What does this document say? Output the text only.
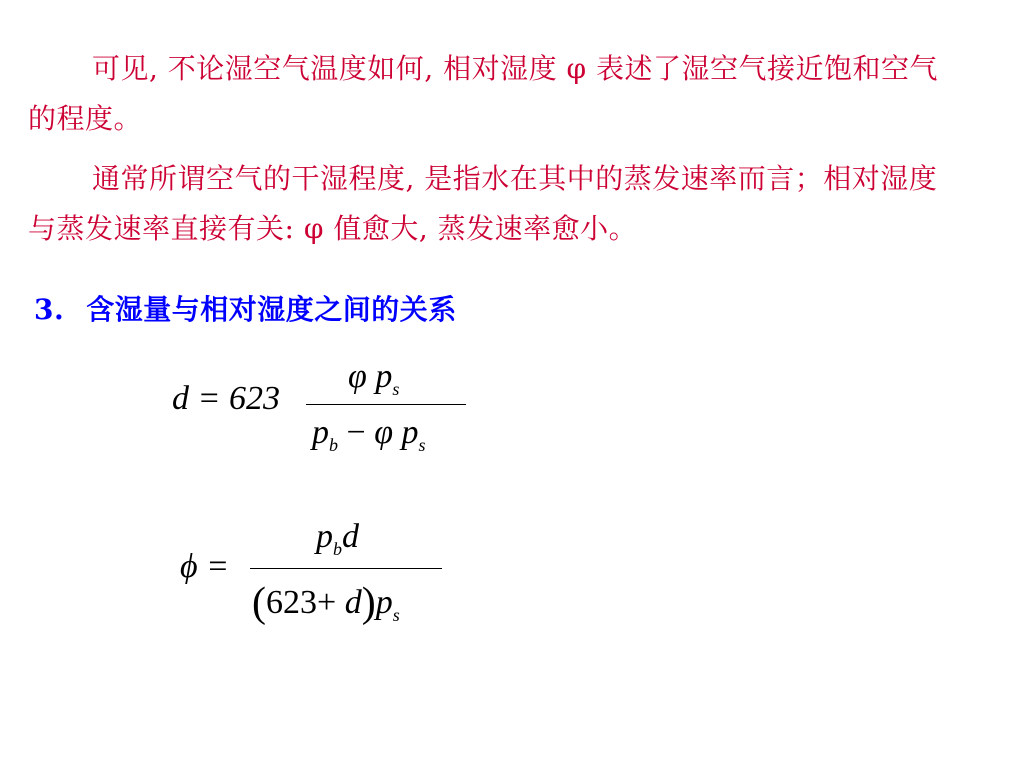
可见, 不论湿空气温度如何, 相对湿度 φ 表述了湿空气接近饱和空气的程度。

通常所谓空气的干湿程度, 是指水在其中的蒸发速率而言；相对湿度与蒸发速率直接有关: φ 值愈大, 蒸发速率愈小。

3. 含湿量与相对湿度之间的关系
d = 623
φ $p_s$
$p_b - \varphi$ $p_s$
ϕ =
$p_bd$
$(623+ d)p_s$
